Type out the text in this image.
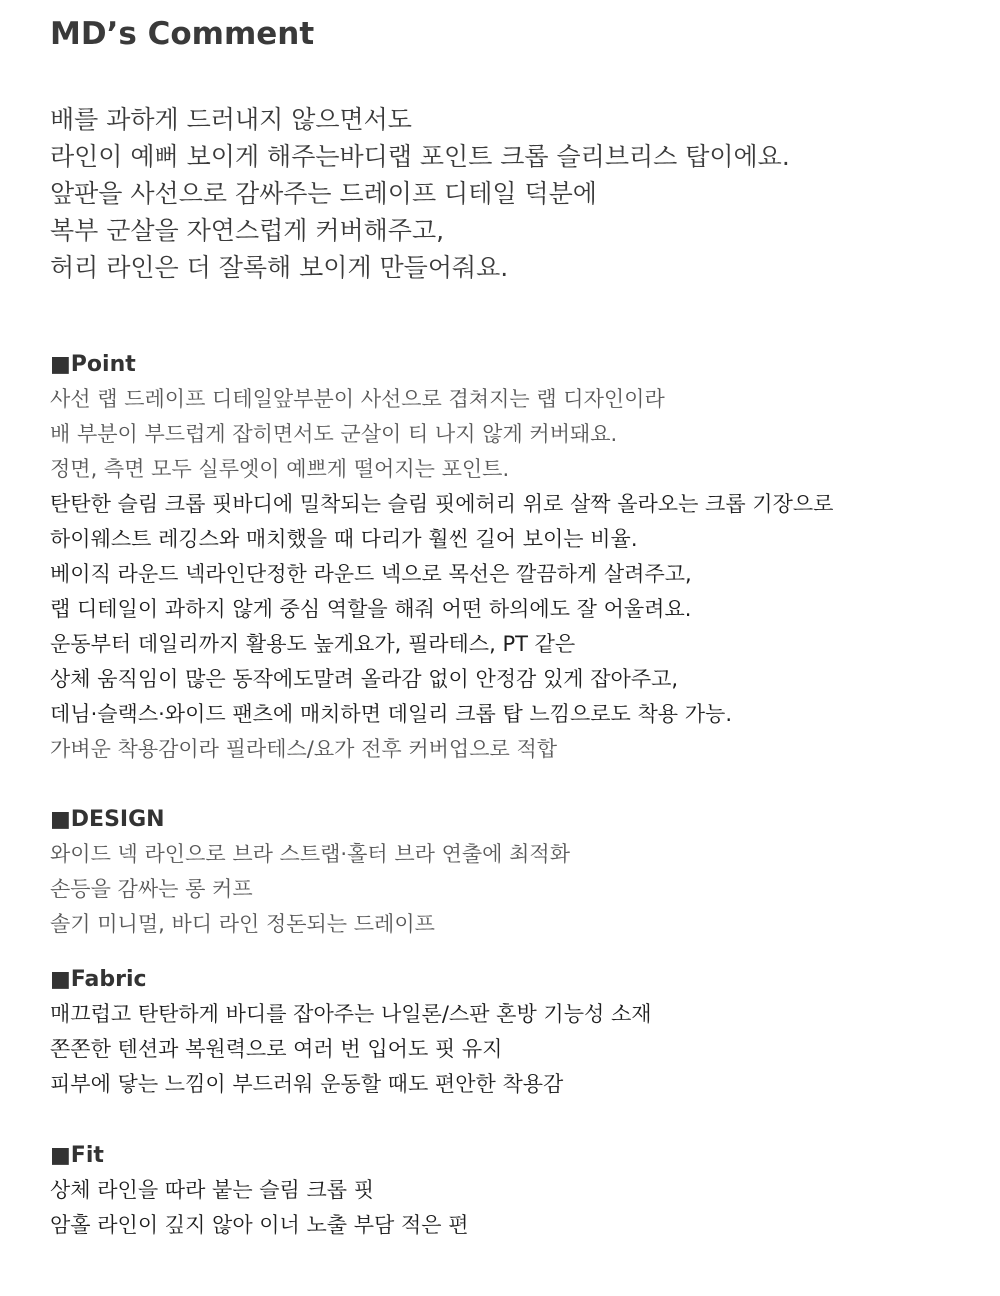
MD’s Comment
배를 과하게 드러내지 않으면서도
라인이 예뻐 보이게 해주는바디랩 포인트 크롭 슬리브리스 탑이에요.
앞판을 사선으로 감싸주는 드레이프 디테일 덕분에
복부 군살을 자연스럽게 커버해주고,
허리 라인은 더 잘록해 보이게 만들어줘요.
■Point
사선 랩 드레이프 디테일앞부분이 사선으로 겹쳐지는 랩 디자인이라
배 부분이 부드럽게 잡히면서도 군살이 티 나지 않게 커버돼요.
정면, 측면 모두 실루엣이 예쁘게 떨어지는 포인트.
탄탄한 슬림 크롭 핏바디에 밀착되는 슬림 핏에허리 위로 살짝 올라오는 크롭 기장으로
하이웨스트 레깅스와 매치했을 때 다리가 훨씬 길어 보이는 비율.
베이직 라운드 넥라인단정한 라운드 넥으로 목선은 깔끔하게 살려주고,
랩 디테일이 과하지 않게 중심 역할을 해줘 어떤 하의에도 잘 어울려요.
운동부터 데일리까지 활용도 높게요가, 필라테스, PT 같은
상체 움직임이 많은 동작에도말려 올라감 없이 안정감 있게 잡아주고,
데님·슬랙스·와이드 팬츠에 매치하면 데일리 크롭 탑 느낌으로도 착용 가능.
가벼운 착용감이라 필라테스/요가 전후 커버업으로 적합
■DESIGN
와이드 넥 라인으로 브라 스트랩·홀터 브라 연출에 최적화
손등을 감싸는 롱 커프
솔기 미니멀, 바디 라인 정돈되는 드레이프
■Fabric
매끄럽고 탄탄하게 바디를 잡아주는 나일론/스판 혼방 기능성 소재
쫀쫀한 텐션과 복원력으로 여러 번 입어도 핏 유지
피부에 닿는 느낌이 부드러워 운동할 때도 편안한 착용감
■Fit
상체 라인을 따라 붙는 슬림 크롭 핏
암홀 라인이 깊지 않아 이너 노출 부담 적은 편
